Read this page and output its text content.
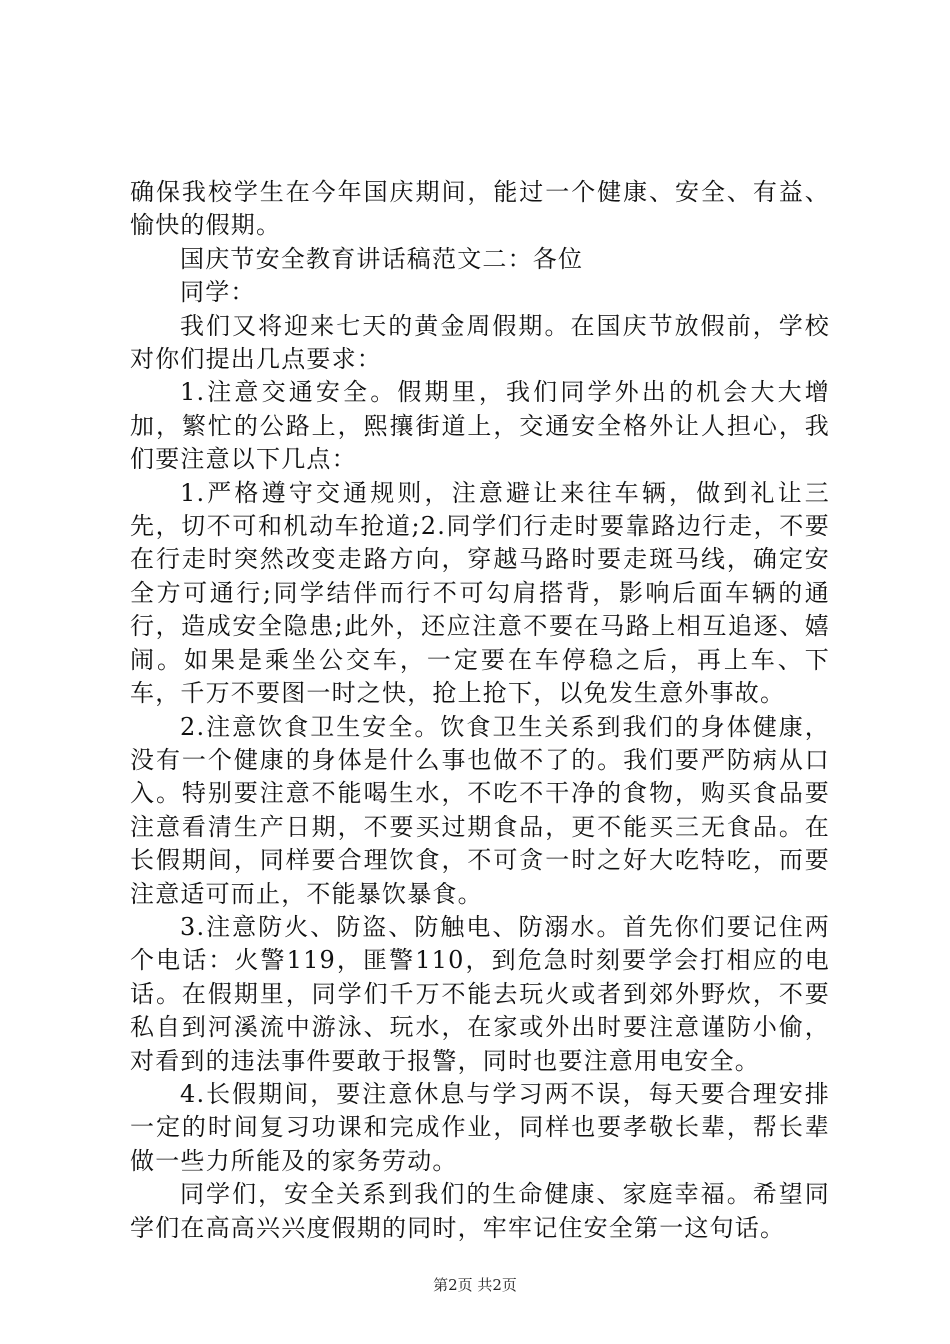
确保我校学生在今年国庆期间，能过一个健康、安全、有益、愉快的假期。

国庆节安全教育讲话稿范文二：各位

同学：

我们又将迎来七天的黄金周假期。在国庆节放假前，学校对你们提出几点要求：

1.注意交通安全。假期里，我们同学外出的机会大大增加，繁忙的公路上，熙攘街道上，交通安全格外让人担心，我们要注意以下几点：

1.严格遵守交通规则，注意避让来往车辆，做到礼让三先，切不可和机动车抢道;2.同学们行走时要靠路边行走，不要在行走时突然改变走路方向，穿越马路时要走斑马线，确定安全方可通行;同学结伴而行不可勾肩搭背，影响后面车辆的通行，造成安全隐患;此外，还应注意不要在马路上相互追逐、嬉闹。如果是乘坐公交车，一定要在车停稳之后，再上车、下车，千万不要图一时之快，抢上抢下，以免发生意外事故。

2.注意饮食卫生安全。饮食卫生关系到我们的身体健康，没有一个健康的身体是什么事也做不了的。我们要严防病从口入。特别要注意不能喝生水，不吃不干净的食物，购买食品要注意看清生产日期，不要买过期食品，更不能买三无食品。在长假期间，同样要合理饮食，不可贪一时之好大吃特吃，而要注意适可而止，不能暴饮暴食。

3.注意防火、防盗、防触电、防溺水。首先你们要记住两个电话：火警119，匪警110，到危急时刻要学会打相应的电话。在假期里，同学们千万不能去玩火或者到郊外野炊，不要私自到河溪流中游泳、玩水，在家或外出时要注意谨防小偷，对看到的违法事件要敢于报警，同时也要注意用电安全。

4.长假期间，要注意休息与学习两不误，每天要合理安排一定的时间复习功课和完成作业，同样也要孝敬长辈，帮长辈做一些力所能及的家务劳动。

同学们，安全关系到我们的生命健康、家庭幸福。希望同学们在高高兴兴度假期的同时，牢牢记住安全第一这句话。

第2页 共2页
